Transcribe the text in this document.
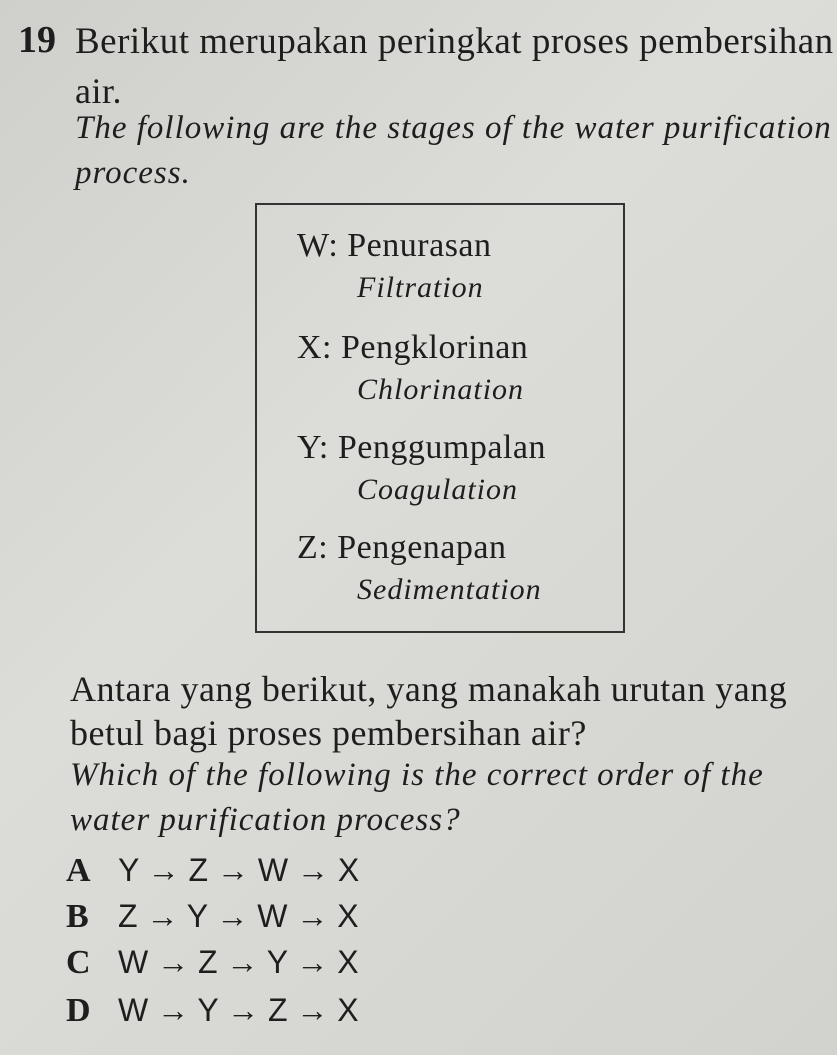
19 Berikut merupakan peringkat proses pembersihan
air.
The following are the stages of the water purification
process.
W: Penurasan
Filtration
X: Pengklorinan
Chlorination
Y: Penggumpalan
Coagulation
Z: Pengenapan
Sedimentation
Antara yang berikut, yang manakah urutan yang
betul bagi proses pembersihan air?
Which of the following is the correct order of the
water purification process?
A Y → Z → W → X
B Z → Y → W → X
C W → Z → Y → X
D W → Y → Z → X
